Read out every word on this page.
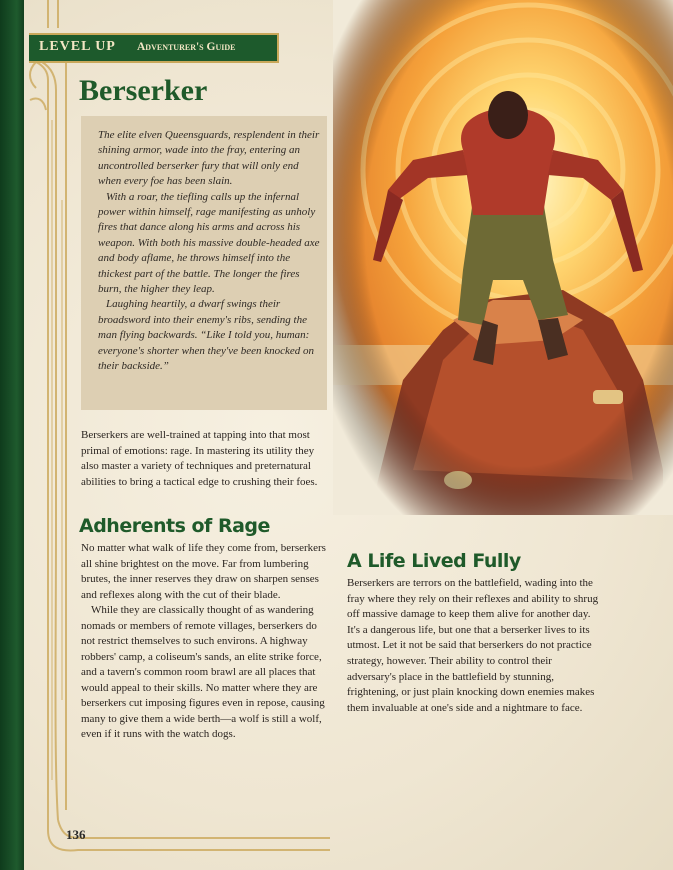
LEVEL UP Adventurer's Guide
Berserker

The elite elven Queensguards, resplendent in their shining armor, wade into the fray, entering an uncontrolled berserker fury that will only end when every foe has been slain.

With a roar, the tiefling calls up the infernal power within himself, rage manifesting as unholy fires that dance along his arms and across his weapon. With both his massive double-headed axe and body aflame, he throws himself into the thickest part of the battle. The longer the fires burn, the higher they leap.

Laughing heartily, a dwarf swings their broadsword into their enemy's ribs, sending the man flying backwards. “Like I told you, human: everyone's shorter when they've been knocked on their backside.”

Berserkers are well-trained at tapping into that most primal of emotions: rage. In mastering its utility they also master a variety of techniques and preternatural abilities to bring a tactical edge to crushing their foes.
Adherents of Rage

No matter what walk of life they come from, berserkers all shine brightest on the move. Far from lumbering brutes, the inner reserves they draw on sharpen senses and reflexes along with the cut of their blade.

While they are classically thought of as wandering nomads or members of remote villages, berserkers do not restrict themselves to such environs. A highway robbers' camp, a coliseum's sands, an elite strike force, and a tavern's common room brawl are all places that would appeal to their skills. No matter where they are berserkers cut imposing figures even in repose, causing many to give them a wide berth—a wolf is still a wolf, even if it runs with the watch dogs.

A Life Lived Fully
Berserkers are terrors on the battlefield, wading into the fray where they rely on their reflexes and ability to shrug off massive damage to keep them alive for another day. It's a dangerous life, but one that a berserker lives to its utmost. Let it not be said that berserkers do not practice strategy, however. Their ability to control their adversary's place in the battlefield by stunning, frightening, or just plain knocking down enemies makes them invaluable at one's side and a nightmare to face.
136
